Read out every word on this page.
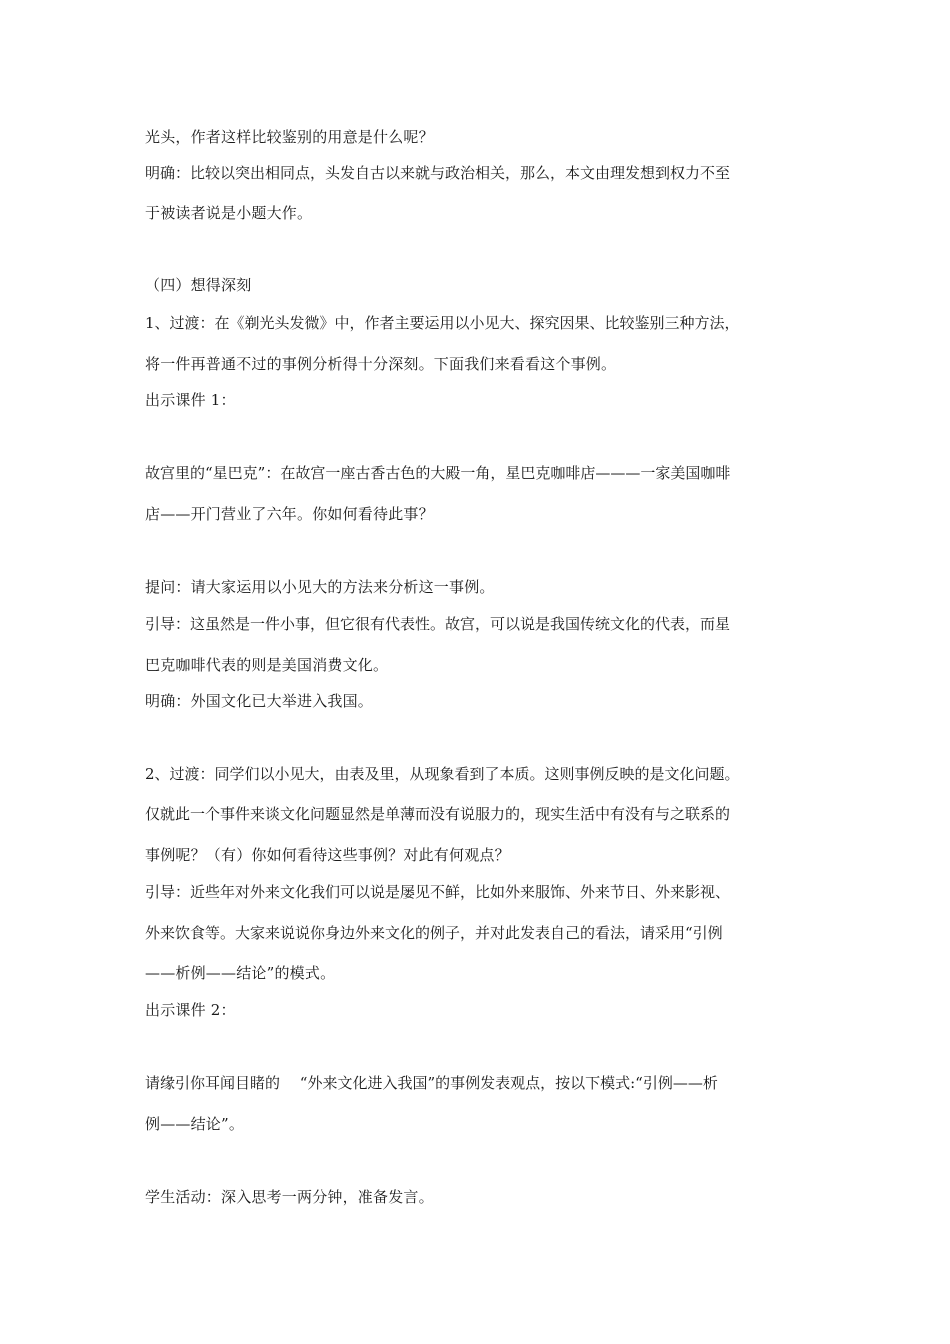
光头，作者这样比较鉴别的用意是什么呢？
明确：比较以突出相同点，头发自古以来就与政治相关，那么，本文由理发想到权力不至
于被读者说是小题大作。
（四）想得深刻
1、过渡：在《剃光头发微》中，作者主要运用以小见大、探究因果、比较鉴别三种方法，
将一件再普通不过的事例分析得十分深刻。下面我们来看看这个事例。
出示课件 1：
故宫里的“星巴克”：在故宫一座古香古色的大殿一角，星巴克咖啡店———一家美国咖啡
店——开门营业了六年。你如何看待此事？
提问：请大家运用以小见大的方法来分析这一事例。
引导：这虽然是一件小事，但它很有代表性。故宫，可以说是我国传统文化的代表，而星
巴克咖啡代表的则是美国消费文化。
明确：外国文化已大举进入我国。
2、过渡：同学们以小见大，由表及里，从现象看到了本质。这则事例反映的是文化问题。
仅就此一个事件来谈文化问题显然是单薄而没有说服力的，现实生活中有没有与之联系的
事例呢？（有）你如何看待这些事例？对此有何观点？
引导：近些年对外来文化我们可以说是屡见不鲜，比如外来服饰、外来节日、外来影视、
外来饮食等。大家来说说你身边外来文化的例子，并对此发表自己的看法，请采用“引例
——析例——结论”的模式。
出示课件 2：
请缘引你耳闻目睹的　 “外来文化进入我国”的事例发表观点，按以下模式:“引例——析
例——结论”。
学生活动：深入思考一两分钟，准备发言。
